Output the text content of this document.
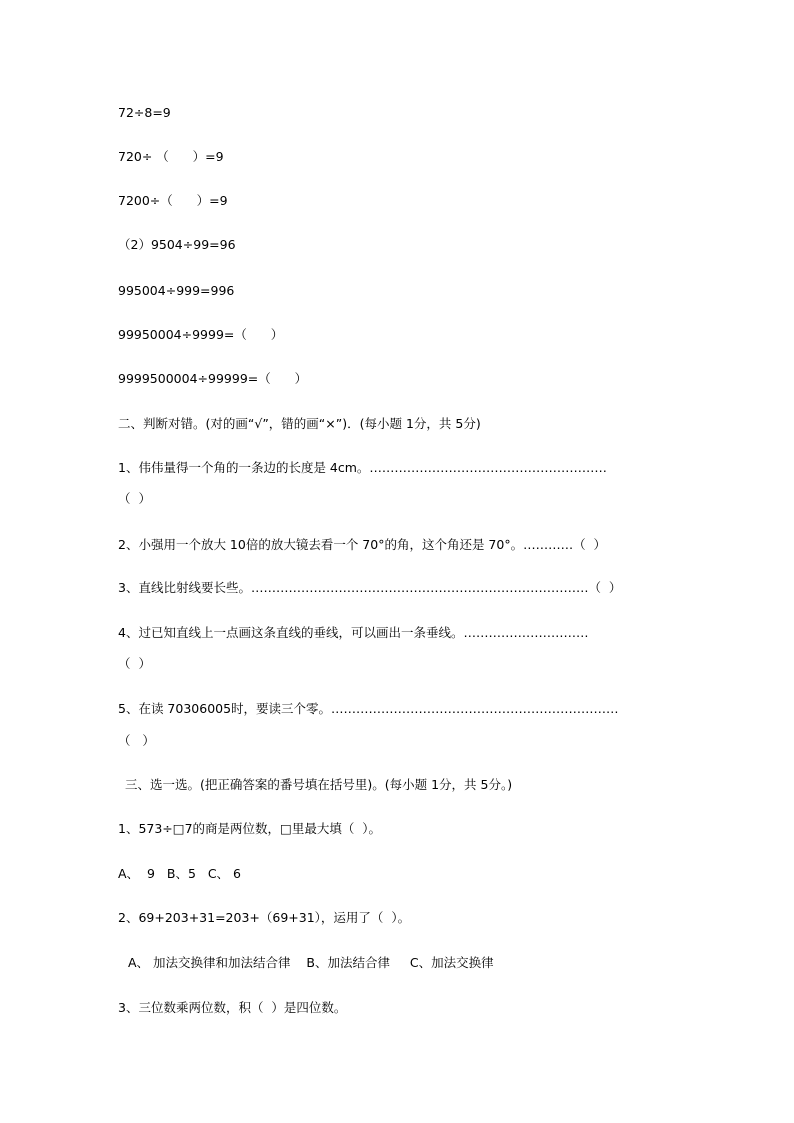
72÷8=9
720÷ （      ）=9
7200÷（      ）=9
（2）9504÷99=96
995004÷999=996
99950004÷9999=（      ）
9999500004÷99999=（      ）
二、判断对错。(对的画“√”，错的画“×”)．(每小题 1分，共 5分)
1、伟伟量得一个角的一条边的长度是 4cm。…………………………………………………
（  ）
2、小强用一个放大 10倍的放大镜去看一个 70°的角，这个角还是 70°。…………（  ）
3、直线比射线要长些。………………………………………………………………………（  ）
4、过已知直线上一点画这条直线的垂线，可以画出一条垂线。…………………………
（  ）
5、在读 70306005时，要读三个零。……………………………………………………………
（   ）
三、选一选。(把正确答案的番号填在括号里)。(每小题 1分，共 5分。)
1、573÷□7的商是两位数，□里最大填（  ）。
A、  9   B、5   C、 6
2、69+203+31=203+（69+31），运用了（  ）。
A、 加法交换律和加法结合律    B、加法结合律     C、加法交换律
3、三位数乘两位数，积（  ）是四位数。
